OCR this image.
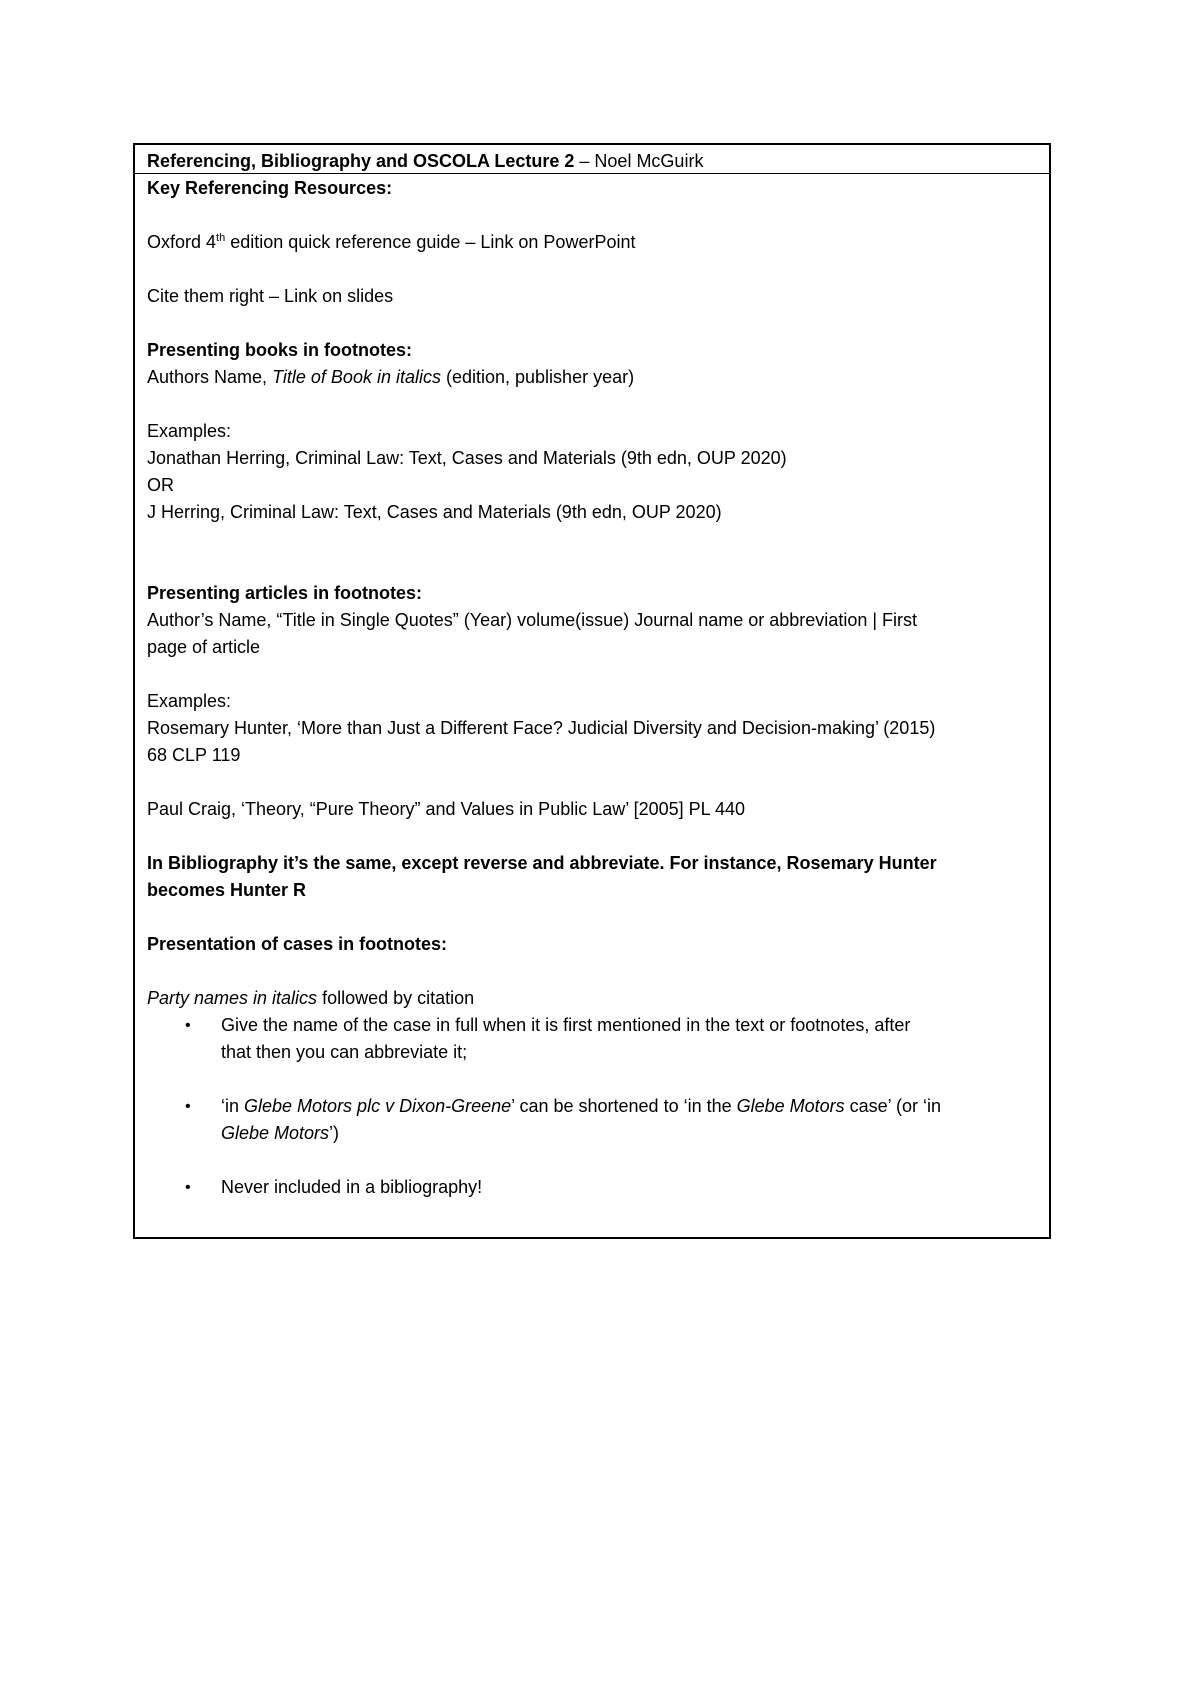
Referencing, Bibliography and OSCOLA Lecture 2 – Noel McGuirk
Key Referencing Resources:
Oxford 4th edition quick reference guide – Link on PowerPoint
Cite them right – Link on slides
Presenting books in footnotes:
Authors Name, Title of Book in italics (edition, publisher year)
Examples:
Jonathan Herring, Criminal Law: Text, Cases and Materials (9th edn, OUP 2020)
OR
J Herring, Criminal Law: Text, Cases and Materials (9th edn, OUP 2020)
Presenting articles in footnotes:
Author’s Name, “Title in Single Quotes” (Year) volume(issue) Journal name or abbreviation | First
page of article
Examples:
Rosemary Hunter, ‘More than Just a Different Face? Judicial Diversity and Decision-making’ (2015)
68 CLP 119
Paul Craig, ‘Theory, “Pure Theory” and Values in Public Law’ [2005] PL 440
In Bibliography it’s the same, except reverse and abbreviate. For instance, Rosemary Hunter
becomes Hunter R
Presentation of cases in footnotes:
Party names in italics followed by citation
• Give the name of the case in full when it is first mentioned in the text or footnotes, after
that then you can abbreviate it;
• ‘in Glebe Motors plc v Dixon-Greene’ can be shortened to ‘in the Glebe Motors case’ (or ‘in
Glebe Motors’)
• Never included in a bibliography!
